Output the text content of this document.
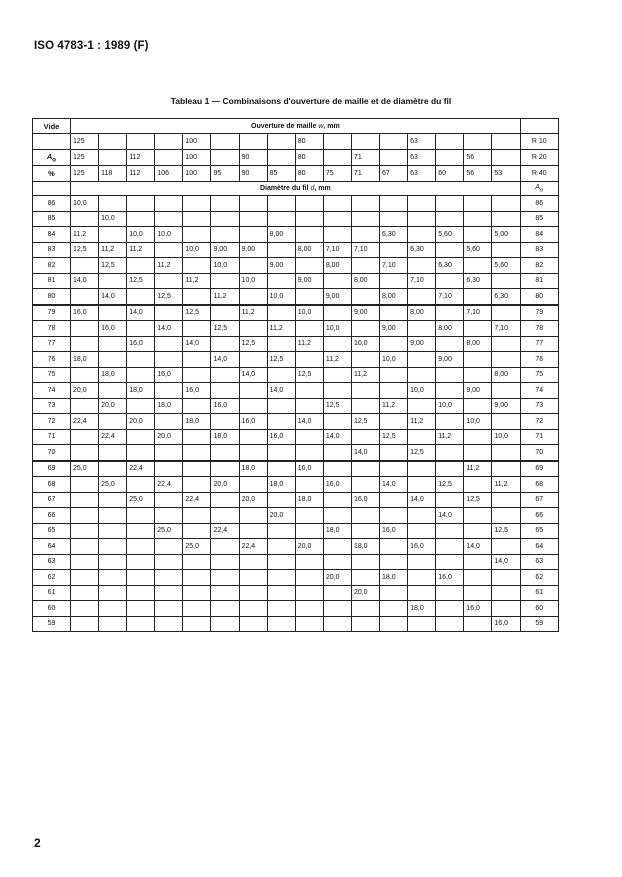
ISO 4783-1 : 1989 (F)
Tableau 1 — Combinaisons d'ouverture de maille et de diamètre du fil
Vide	Ouverture de maille w, mm																
	125				100				80				63				R 10
$A_o$	125		112		100		90		80		71		63		56		R 20
%	125	118	112	106	100	95	90	85	80	75	71	67	63	60	56	53	R 40
	Diamètre du fil d, mm																$A_o$
86	10,0																86
85		10,0															85
84	11,2		10,0	10,0				8,00				6,30		5,60		5,00	84
83	12,5	11,2	11,2		10,0	9,00	9,00		8,00	7,10	7,10		6,30		5,60		83
82		12,5		11,2		10,0		9,00		8,00		7,10		6,30		5,60	82
81	14,0		12,5		11,2		10,0		9,00		8,00		7,10		6,30		81
80		14,0		12,5		11,2		10,0		9,00		8,00		7,10		6,30	80
79	16,0		14,0		12,5		11,2		10,0		9,00		8,00		7,10		79
78		16,0		14,0		12,5		11,2		10,0		9,00		8,00		7,10	78
77			16,0		14,0		12,5		11,2		10,0		9,00		8,00		77
76	18,0					14,0		12,5		11,2		10,0		9,00			76
75		18,0		16,0			14,0		12,5		11,2					8,00	75
74	20,0		18,0		16,0			14,0					10,0		9,00		74
73		20,0		18,0		16,0				12,5		11,2		10,0		9,00	73
72	22,4		20,0		18,0		16,0		14,0		12,5		11,2		10,0		72
71		22,4		20,0		18,0		16,0		14,0		12,5		11,2		10,0	71
70											14,0		12,5				70
69	25,0		22,4				18,0		16,0						11,2		69
68		25,0		22,4		20,0		18,0		16,0		14,0		12,5		11,2	68
67			25,0		22,4		20,0		18,0		16,0		14,0		12,5		67
66								20,0						14,0			66
65				25,0		22,4				18,0		16,0				12,5	65
64					25,0		22,4		20,0		18,0		16,0		14,0		64
63																14,0	63
62										20,0		18,0		16,0			62
61											20,0						61
60													18,0		16,0		60
59																16,0	59
2
